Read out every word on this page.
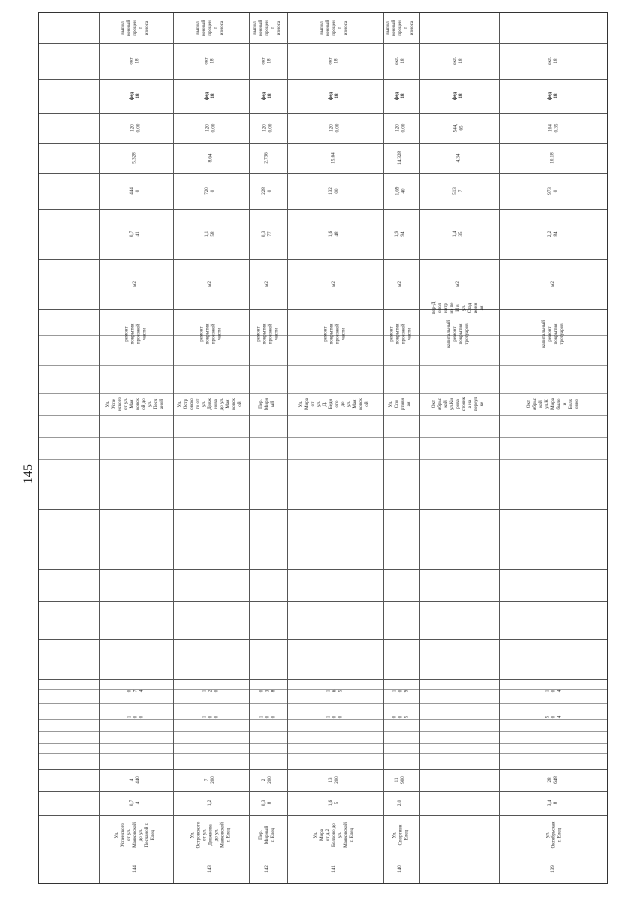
145
пер-Д
опол
нитр
иэ пе
И в
ул.
Стад
ионн
ая
окт.
18
фед
18
104
0.35
10.18
973
0
2,2
84
м2
капитальный
ремонт
покрытия
тротуаров
Окт
ябрьс
кой
ул.К
Мира
было
и
Болх
овно
1
0
4
5
0
4
28
648
3,4
8
ул.
Октябрьская
г. Елец
139
окт.
18
фед
18
544,
65
4.34
513
7
1,4
35
м2
капитальный
ремонт
покрытия
тротуаров
Окт
ябрьс
кой
ул.Ки
рова
стоянк
а на
переул
ке
выпол
ненный
процен
т
износа
окт.
18
фед
18
120
0.00
14.328
1,69
40
1,9
94
м2
ремонт
покрытия
проезжей
части
Ул.
Спо
ртивн
ая
1
0
9
0
0
5
11
900
2.0
Ул.
Спортивн
Елец
140
выпол
ненный
процен
т
износа
окт
18
фед
18
120
0.00
15.64
132
00
1,6
48
м2
ремонт
покрытия
проезжей
части
Ул.
Мира
от
ул.
Д.
Бедн
ого
до
ул.
Мая
ковск
ой
1
6
5
1
0
0
13
200
1,6
5
Ул.
Мира
от д.2
Болхово до
ул.
Маяковской
г. Елец
141
выпол
ненный
процен
т
износа
окт
18
фед
18
120
0.00
2.736
228
0
0,3
77
м2
ремонт
покрытия
проезжей
части
Пер.
Мирн
ый
0
3
8
1
0
0
2
200
0,3
8
Пер.
Мирный
г. Елец
142
выпол
ненный
процен
т
износа
окт
18
фед
18
120
0.00
8.64
720
0
1,1
58
м2
ремонт
покрытия
проезжей
части
Ул.
Остр
овско
го от
ул.
Довж
нова
до ул.
Мая
ковск
ой
1
2
0
1
0
0
7
200
1,2
Ул.
Островского
от ул.
Довжнова
до ул.
Маяковской
г. Елец
143
выпол
ненный
процен
т
износа
окт
18
фед
18
120
0.00
5.328
444
0
0,7
41
м2
ремонт
покрытия
проезжей
части
Ул.
Успе
нского
от ул.
Мая
ковск
ой до
ул.
Песч
аной
0
7
4
1
0
0
4
440
0,7
4
Ул.
Успенского
от ул.
Маяковской
до ул.
Песчаной г.
Елец
144
